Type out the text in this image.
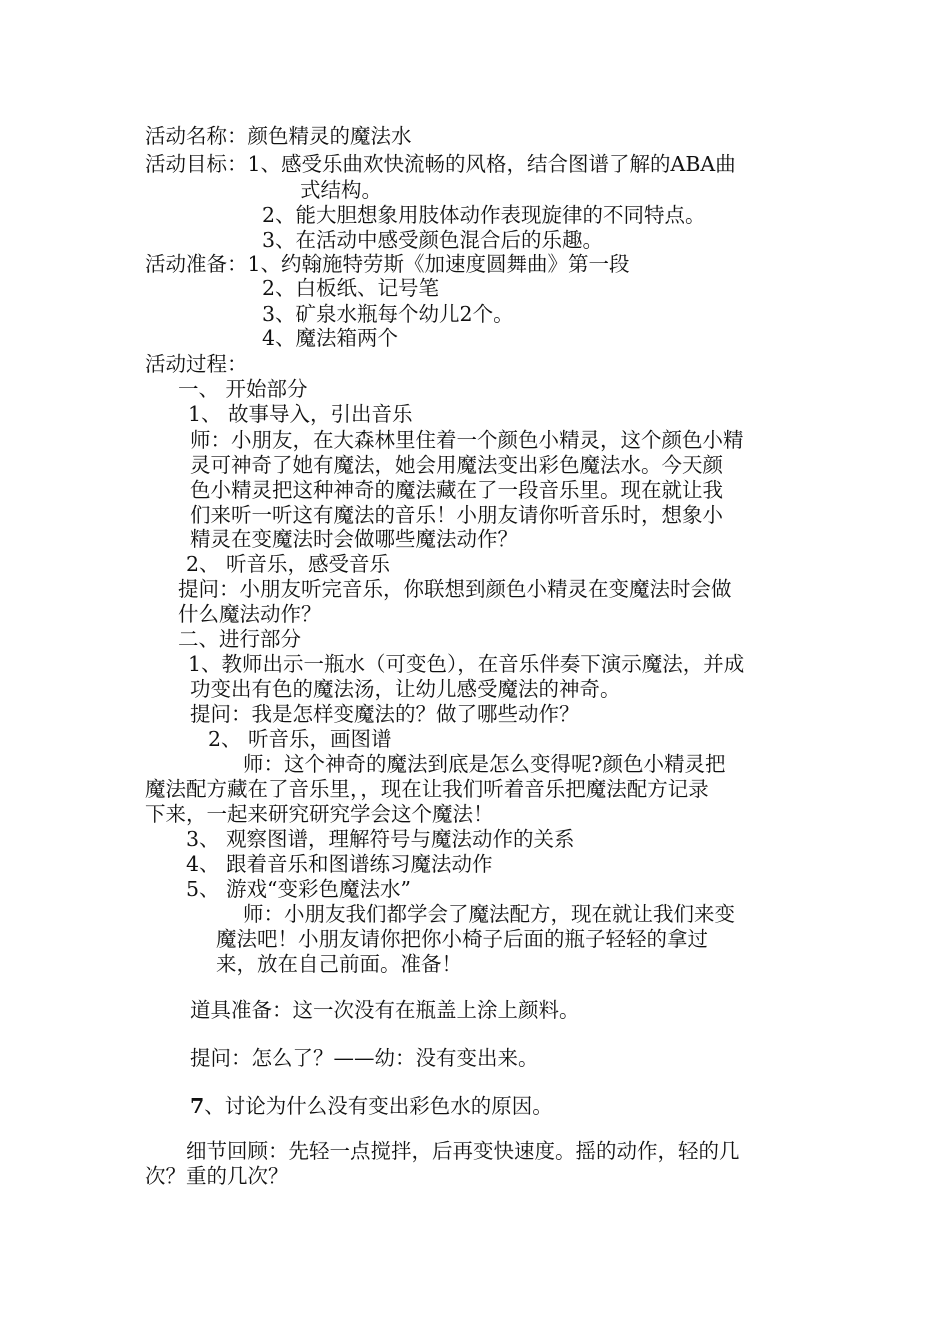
活动名称：颜色精灵的魔法水
活动目标：1、感受乐曲欢快流畅的风格，结合图谱了解的ABA曲
式结构。
2、能大胆想象用肢体动作表现旋律的不同特点。
3、在活动中感受颜色混合后的乐趣。
活动准备：1、约翰施特劳斯《加速度圆舞曲》第一段
2、白板纸、记号笔
3、矿泉水瓶每个幼儿2个。
4、魔法箱两个
活动过程：
一、 开始部分
1、 故事导入，引出音乐
师：小朋友，在大森林里住着一个颜色小精灵，这个颜色小精
灵可神奇了她有魔法，她会用魔法变出彩色魔法水。今天颜
色小精灵把这种神奇的魔法藏在了一段音乐里。现在就让我
们来听一听这有魔法的音乐！小朋友请你听音乐时，想象小
精灵在变魔法时会做哪些魔法动作？
2、 听音乐，感受音乐
提问：小朋友听完音乐，你联想到颜色小精灵在变魔法时会做
什么魔法动作？
二、进行部分
1、教师出示一瓶水（可变色），在音乐伴奏下演示魔法，并成
功变出有色的魔法汤，让幼儿感受魔法的神奇。
提问：我是怎样变魔法的？做了哪些动作？
2、 听音乐，画图谱
师：这个神奇的魔法到底是怎么变得呢?颜色小精灵把
魔法配方藏在了音乐里，，现在让我们听着音乐把魔法配方记录
下来，一起来研究研究学会这个魔法！
3、 观察图谱，理解符号与魔法动作的关系
4、 跟着音乐和图谱练习魔法动作
5、 游戏“变彩色魔法水”
师：小朋友我们都学会了魔法配方，现在就让我们来变
魔法吧！小朋友请你把你小椅子后面的瓶子轻轻的拿过
来，放在自己前面。准备！
道具准备：这一次没有在瓶盖上涂上颜料。
提问：怎么了？——幼：没有变出来。
7、讨论为什么没有变出彩色水的原因。
细节回顾：先轻一点搅拌，后再变快速度。摇的动作，轻的几
次？重的几次？
